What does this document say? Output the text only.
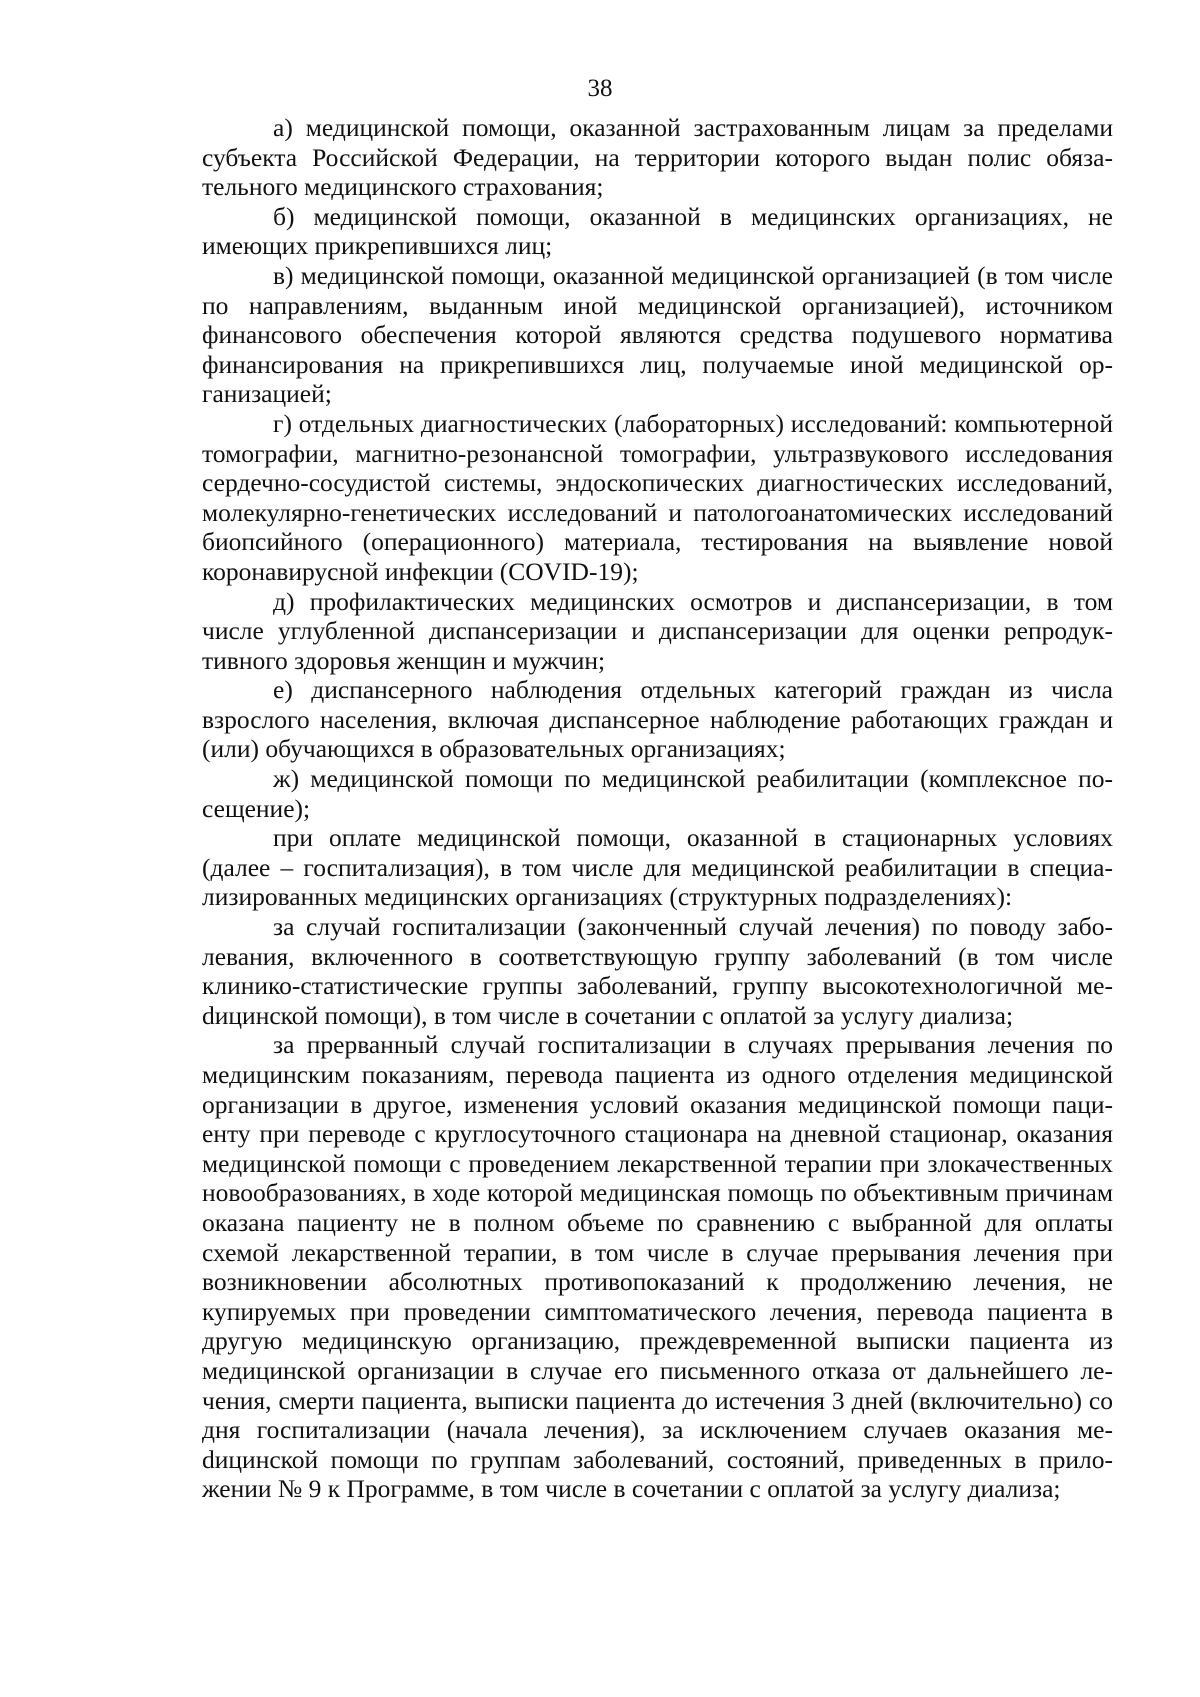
38

а) медицинской помощи, оказанной застрахованным лицам за пределами субъекта Российской Федерации, на территории которого выдан полис обязательного медицинского страхования;

б) медицинской помощи, оказанной в медицинских организациях, не имеющих прикрепившихся лиц;

в) медицинской помощи, оказанной медицинской организацией (в том числе по направлениям, выданным иной медицинской организацией), источником финансового обеспечения которой являются средства подушевого норматива финансирования на прикрепившихся лиц, получаемые иной медицинской организацией;

г) отдельных диагностических (лабораторных) исследований: компьютерной томографии, магнитно-резонансной томографии, ультразвукового исследования сердечно-сосудистой системы, эндоскопических диагностических исследований, молекулярно-генетических исследований и патологоанатомических исследований биопсийного (операционного) материала, тестирования на выявление новой коронавирусной инфекции (COVID-19);

д) профилактических медицинских осмотров и диспансеризации, в том числе углубленной диспансеризации и диспансеризации для оценки репродуктивного здоровья женщин и мужчин;

е) диспансерного наблюдения отдельных категорий граждан из числа взрослого населения, включая диспансерное наблюдение работающих граждан и (или) обучающихся в образовательных организациях;

ж) медицинской помощи по медицинской реабилитации (комплексное посещение);

при оплате медицинской помощи, оказанной в стационарных условиях (далее – госпитализация), в том числе для медицинской реабилитации в специализированных медицинских организациях (структурных подразделениях):

за случай госпитализации (законченный случай лечения) по поводу заболевания, включенного в соответствующую группу заболеваний (в том числе клинико-статистические группы заболеваний, группу высокотехнологичной меdицинской помощи), в том числе в сочетании с оплатой за услугу диализа;

за прерванный случай госпитализации в случаях прерывания лечения по медицинским показаниям, перевода пациента из одного отделения медицинской организации в другое, изменения условий оказания медицинской помощи пациенту при переводе с круглосуточного стационара на дневной стационар, оказания медицинской помощи с проведением лекарственной терапии при злокачественных новообразованиях, в ходе которой медицинская помощь по объективным причинам оказана пациенту не в полном объеме по сравнению с выбранной для оплаты схемой лекарственной терапии, в том числе в случае прерывания лечения при возникновении абсолютных противопоказаний к продолжению лечения, не купируемых при проведении симптоматического лечения, перевода пациента в другую медицинскую организацию, преждевременной выписки пациента из медицинской организации в случае его письменного отказа от дальнейшего лечения, смерти пациента, выписки пациента до истечения 3 дней (включительно) со дня госпитализации (начала лечения), за исключением случаев оказания меdицинской помощи по группам заболеваний, состояний, приведенных в приложении № 9 к Программе, в том числе в сочетании с оплатой за услугу диализа;
